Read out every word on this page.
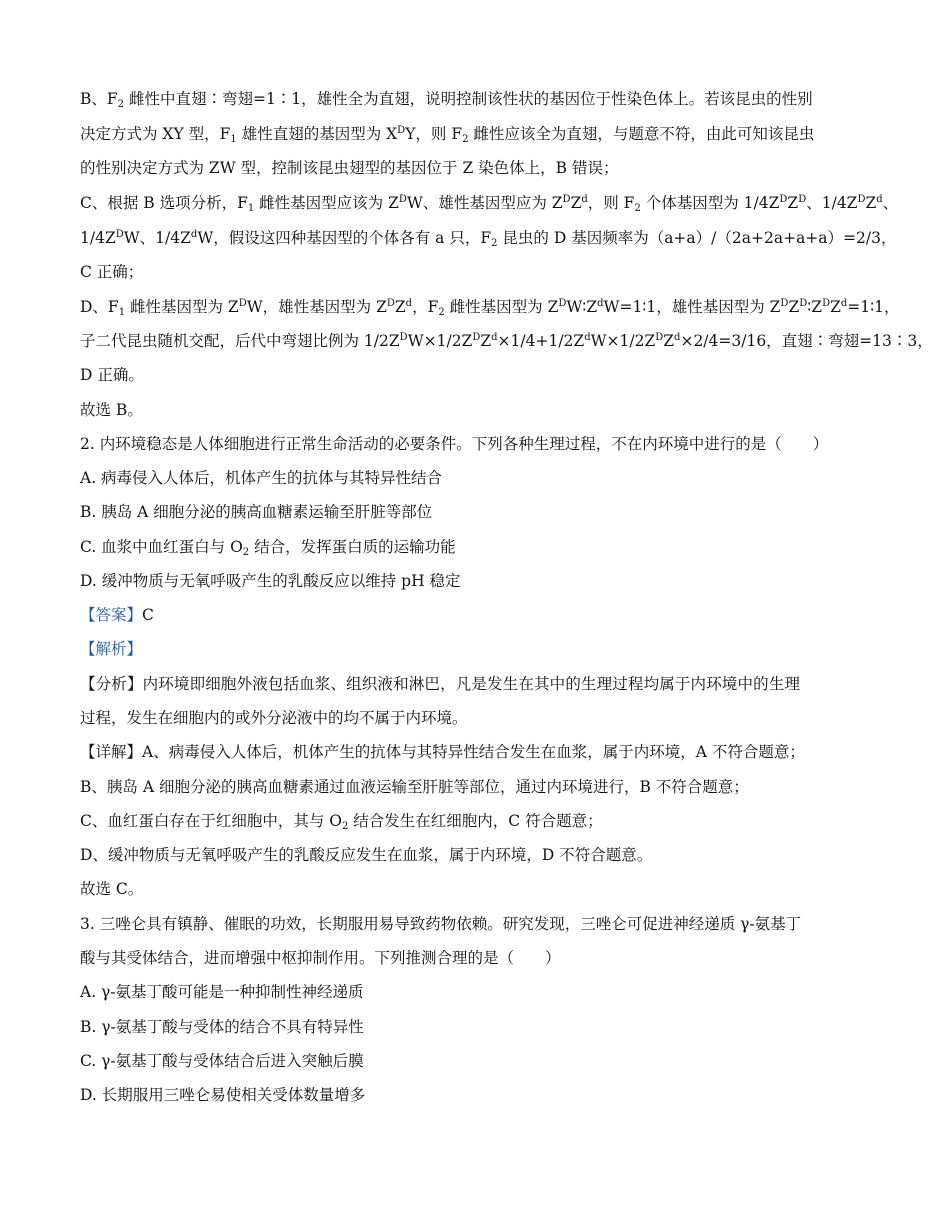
B、$F_2$ 雌性中直翅∶弯翅=1∶1，雄性全为直翅，说明控制该性状的基因位于性染色体上。若该昆虫的性别
决定方式为 XY 型，$F_1$ 雄性直翅的基因型为 $X^DY$，则 $F_2$ 雌性应该全为直翅，与题意不符，由此可知该昆虫
的性别决定方式为 ZW 型，控制该昆虫翅型的基因位于 Z 染色体上，B 错误；
C、根据 B 选项分析，$F_1$ 雌性基因型应该为 $Z^DW$、雄性基因型应为 $Z^DZ^d$，则 $F_2$ 个体基因型为 $1/4Z^DZ^D$、$1/4Z^DZ^d$、
$1/4Z^DW$、$1/4Z^dW$，假设这四种基因型的个体各有 a 只，$F_2$ 昆虫的 D 基因频率为（a+a）/（2a+2a+a+a）=2/3，
C 正确；
D、$F_1$ 雌性基因型为 $Z^DW$，雄性基因型为 $Z^DZ^d$，$F_2$ 雌性基因型为 $Z^DW∶Z^dW=1∶1$，雄性基因型为 $Z^DZ^D∶Z^DZ^d=1∶1$，
子二代昆虫随机交配，后代中弯翅比例为 $1/2Z^DW\times 1/2Z^DZ^d\times 1/4+1/2Z^dW\times 1/2Z^DZ^d\times 2/4=3/16$，直翅∶弯翅=13∶3，
D 正确。
故选 B。
2. 内环境稳态是人体细胞进行正常生命活动的必要条件。下列各种生理过程，不在内环境中进行的是（　　）
A. 病毒侵入人体后，机体产生的抗体与其特异性结合
B. 胰岛 A 细胞分泌的胰高血糖素运输至肝脏等部位
C. 血浆中血红蛋白与 $O_2$ 结合，发挥蛋白质的运输功能
D. 缓冲物质与无氧呼吸产生的乳酸反应以维持 pH 稳定
【答案】C
【解析】
【分析】内环境即细胞外液包括血浆、组织液和淋巴，凡是发生在其中的生理过程均属于内环境中的生理
过程，发生在细胞内的或外分泌液中的均不属于内环境。
【详解】A、病毒侵入人体后，机体产生的抗体与其特异性结合发生在血浆，属于内环境，A 不符合题意；
B、胰岛 A 细胞分泌的胰高血糖素通过血液运输至肝脏等部位，通过内环境进行，B 不符合题意；
C、血红蛋白存在于红细胞中，其与 $O_2$ 结合发生在红细胞内，C 符合题意；
D、缓冲物质与无氧呼吸产生的乳酸反应发生在血浆，属于内环境，D 不符合题意。
故选 C。
3. 三唑仑具有镇静、催眠的功效，长期服用易导致药物依赖。研究发现，三唑仑可促进神经递质 γ-氨基丁
酸与其受体结合，进而增强中枢抑制作用。下列推测合理的是（　　）
A. γ-氨基丁酸可能是一种抑制性神经递质
B. γ-氨基丁酸与受体的结合不具有特异性
C. γ-氨基丁酸与受体结合后进入突触后膜
D. 长期服用三唑仑易使相关受体数量增多
